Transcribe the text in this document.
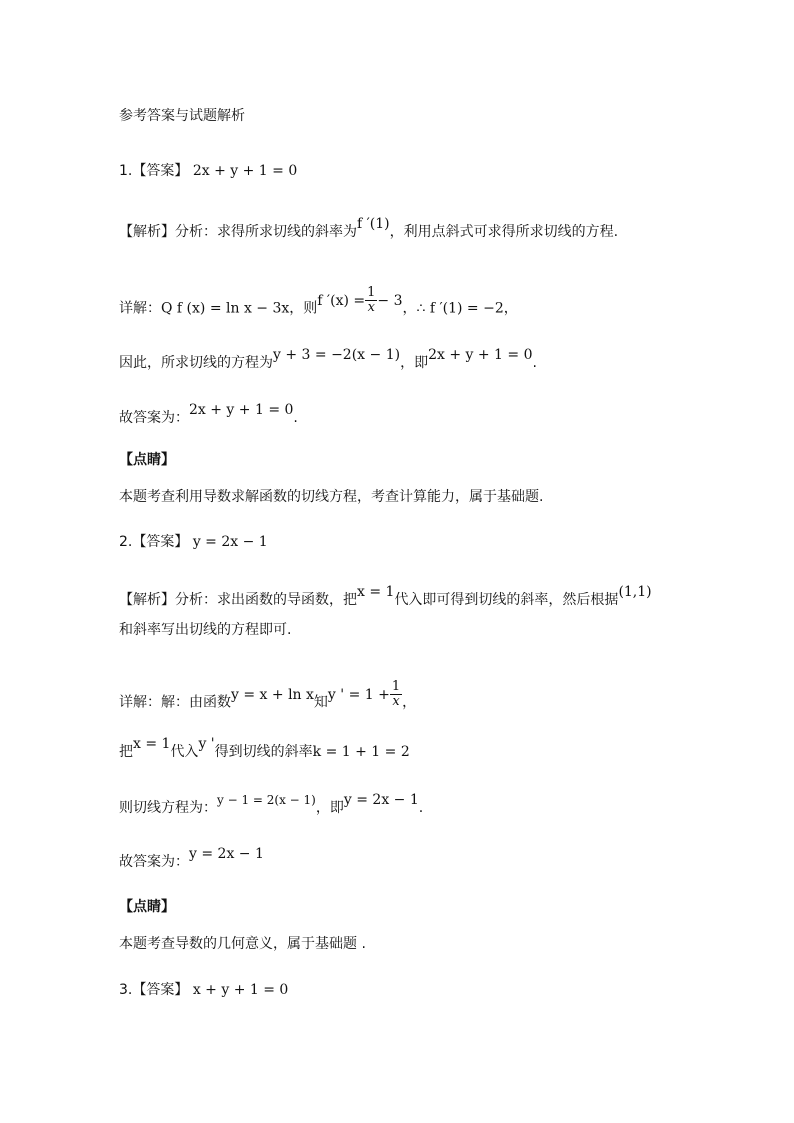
参考答案与试题解析
1.【答案】 2x + y + 1 = 0
【解析】分析：求得所求切线的斜率为f ′(1)，利用点斜式可求得所求切线的方程.
详解：Q f (x) = ln x − 3x，则f $'(x) = \frac{1}{x} - 3$，∴ f ′(1) = −2，
因此，所求切线的方程为y + 3 = −2(x − 1)，即2x + y + 1 = 0.
故答案为：2x + y + 1 = 0.
【点睛】
本题考查利用导数求解函数的切线方程，考查计算能力，属于基础题.
2.【答案】 y = 2x − 1
【解析】分析：求出函数的导函数，把x = 1代入即可得到切线的斜率，然后根据(1,1)
和斜率写出切线的方程即可.
详解：解：由函数y = x + ln x知y ' = $1 + \frac{1}{x}$ ，
把x = 1代入y '得到切线的斜率k = 1 + 1 = 2
则切线方程为：y − 1 = 2(x − 1)，即y = 2x − 1.
故答案为：y = 2x − 1
【点睛】
本题考查导数的几何意义，属于基础题 .
3.【答案】 x + y + 1 = 0
